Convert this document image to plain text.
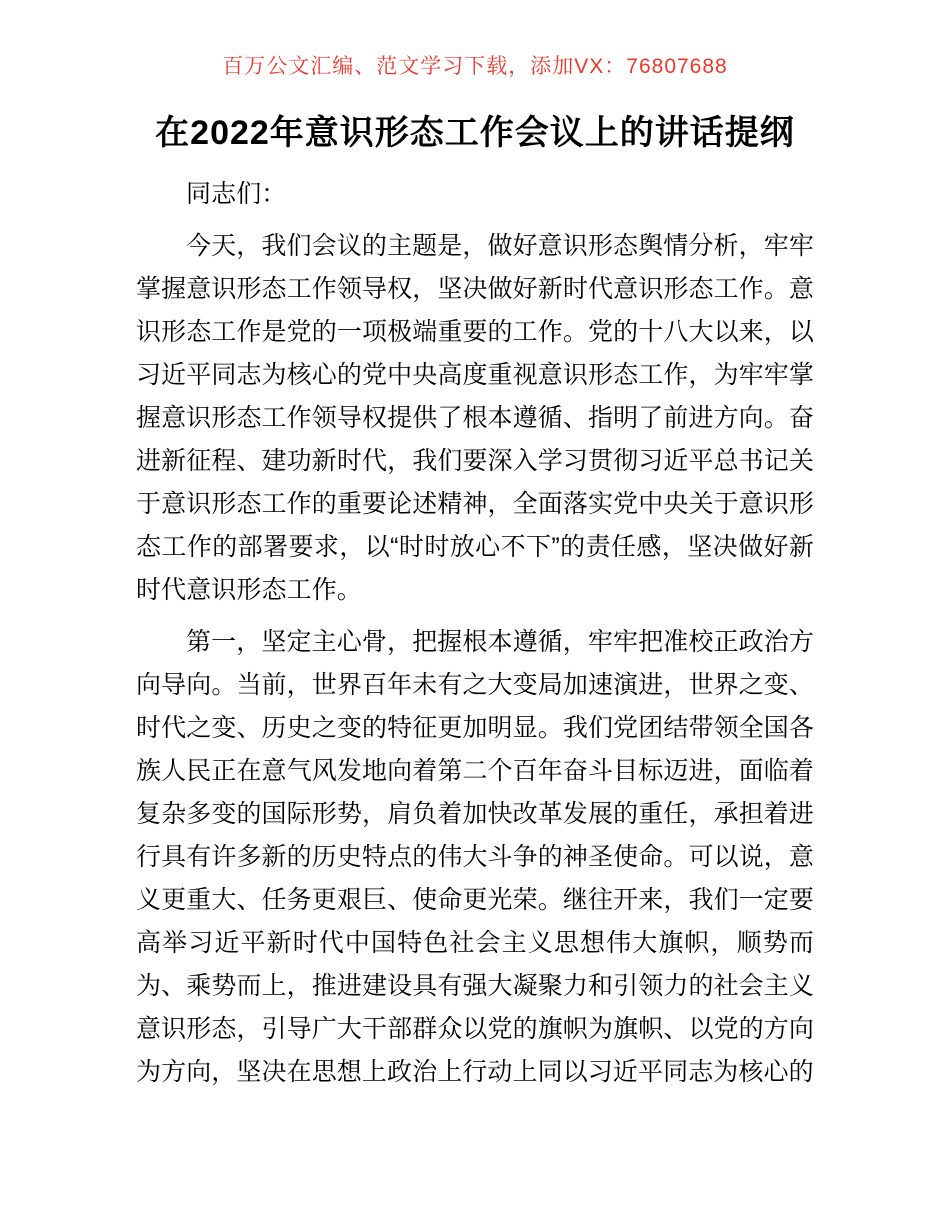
百万公文汇编、范文学习下载，添加VX：76807688
在2022年意识形态工作会议上的讲话提纲

同志们：

今天，我们会议的主题是，做好意识形态舆情分析，牢牢掌握意识形态工作领导权，坚决做好新时代意识形态工作。意识形态工作是党的一项极端重要的工作。党的十八大以来，以习近平同志为核心的党中央高度重视意识形态工作，为牢牢掌握意识形态工作领导权提供了根本遵循、指明了前进方向。奋进新征程、建功新时代，我们要深入学习贯彻习近平总书记关于意识形态工作的重要论述精神，全面落实党中央关于意识形态工作的部署要求，以“时时放心不下”的责任感，坚决做好新时代意识形态工作。

第一，坚定主心骨，把握根本遵循，牢牢把准校正政治方向导向。当前，世界百年未有之大变局加速演进，世界之变、时代之变、历史之变的特征更加明显。我们党团结带领全国各族人民正在意气风发地向着第二个百年奋斗目标迈进，面临着复杂多变的国际形势，肩负着加快改革发展的重任，承担着进行具有许多新的历史特点的伟大斗争的神圣使命。可以说，意义更重大、任务更艰巨、使命更光荣。继往开来，我们一定要高举习近平新时代中国特色社会主义思想伟大旗帜，顺势而为、乘势而上，推进建设具有强大凝聚力和引领力的社会主义意识形态，引导广大干部群众以党的旗帜为旗帜、以党的方向为方向，坚决在思想上政治上行动上同以习近平同志为核心的
